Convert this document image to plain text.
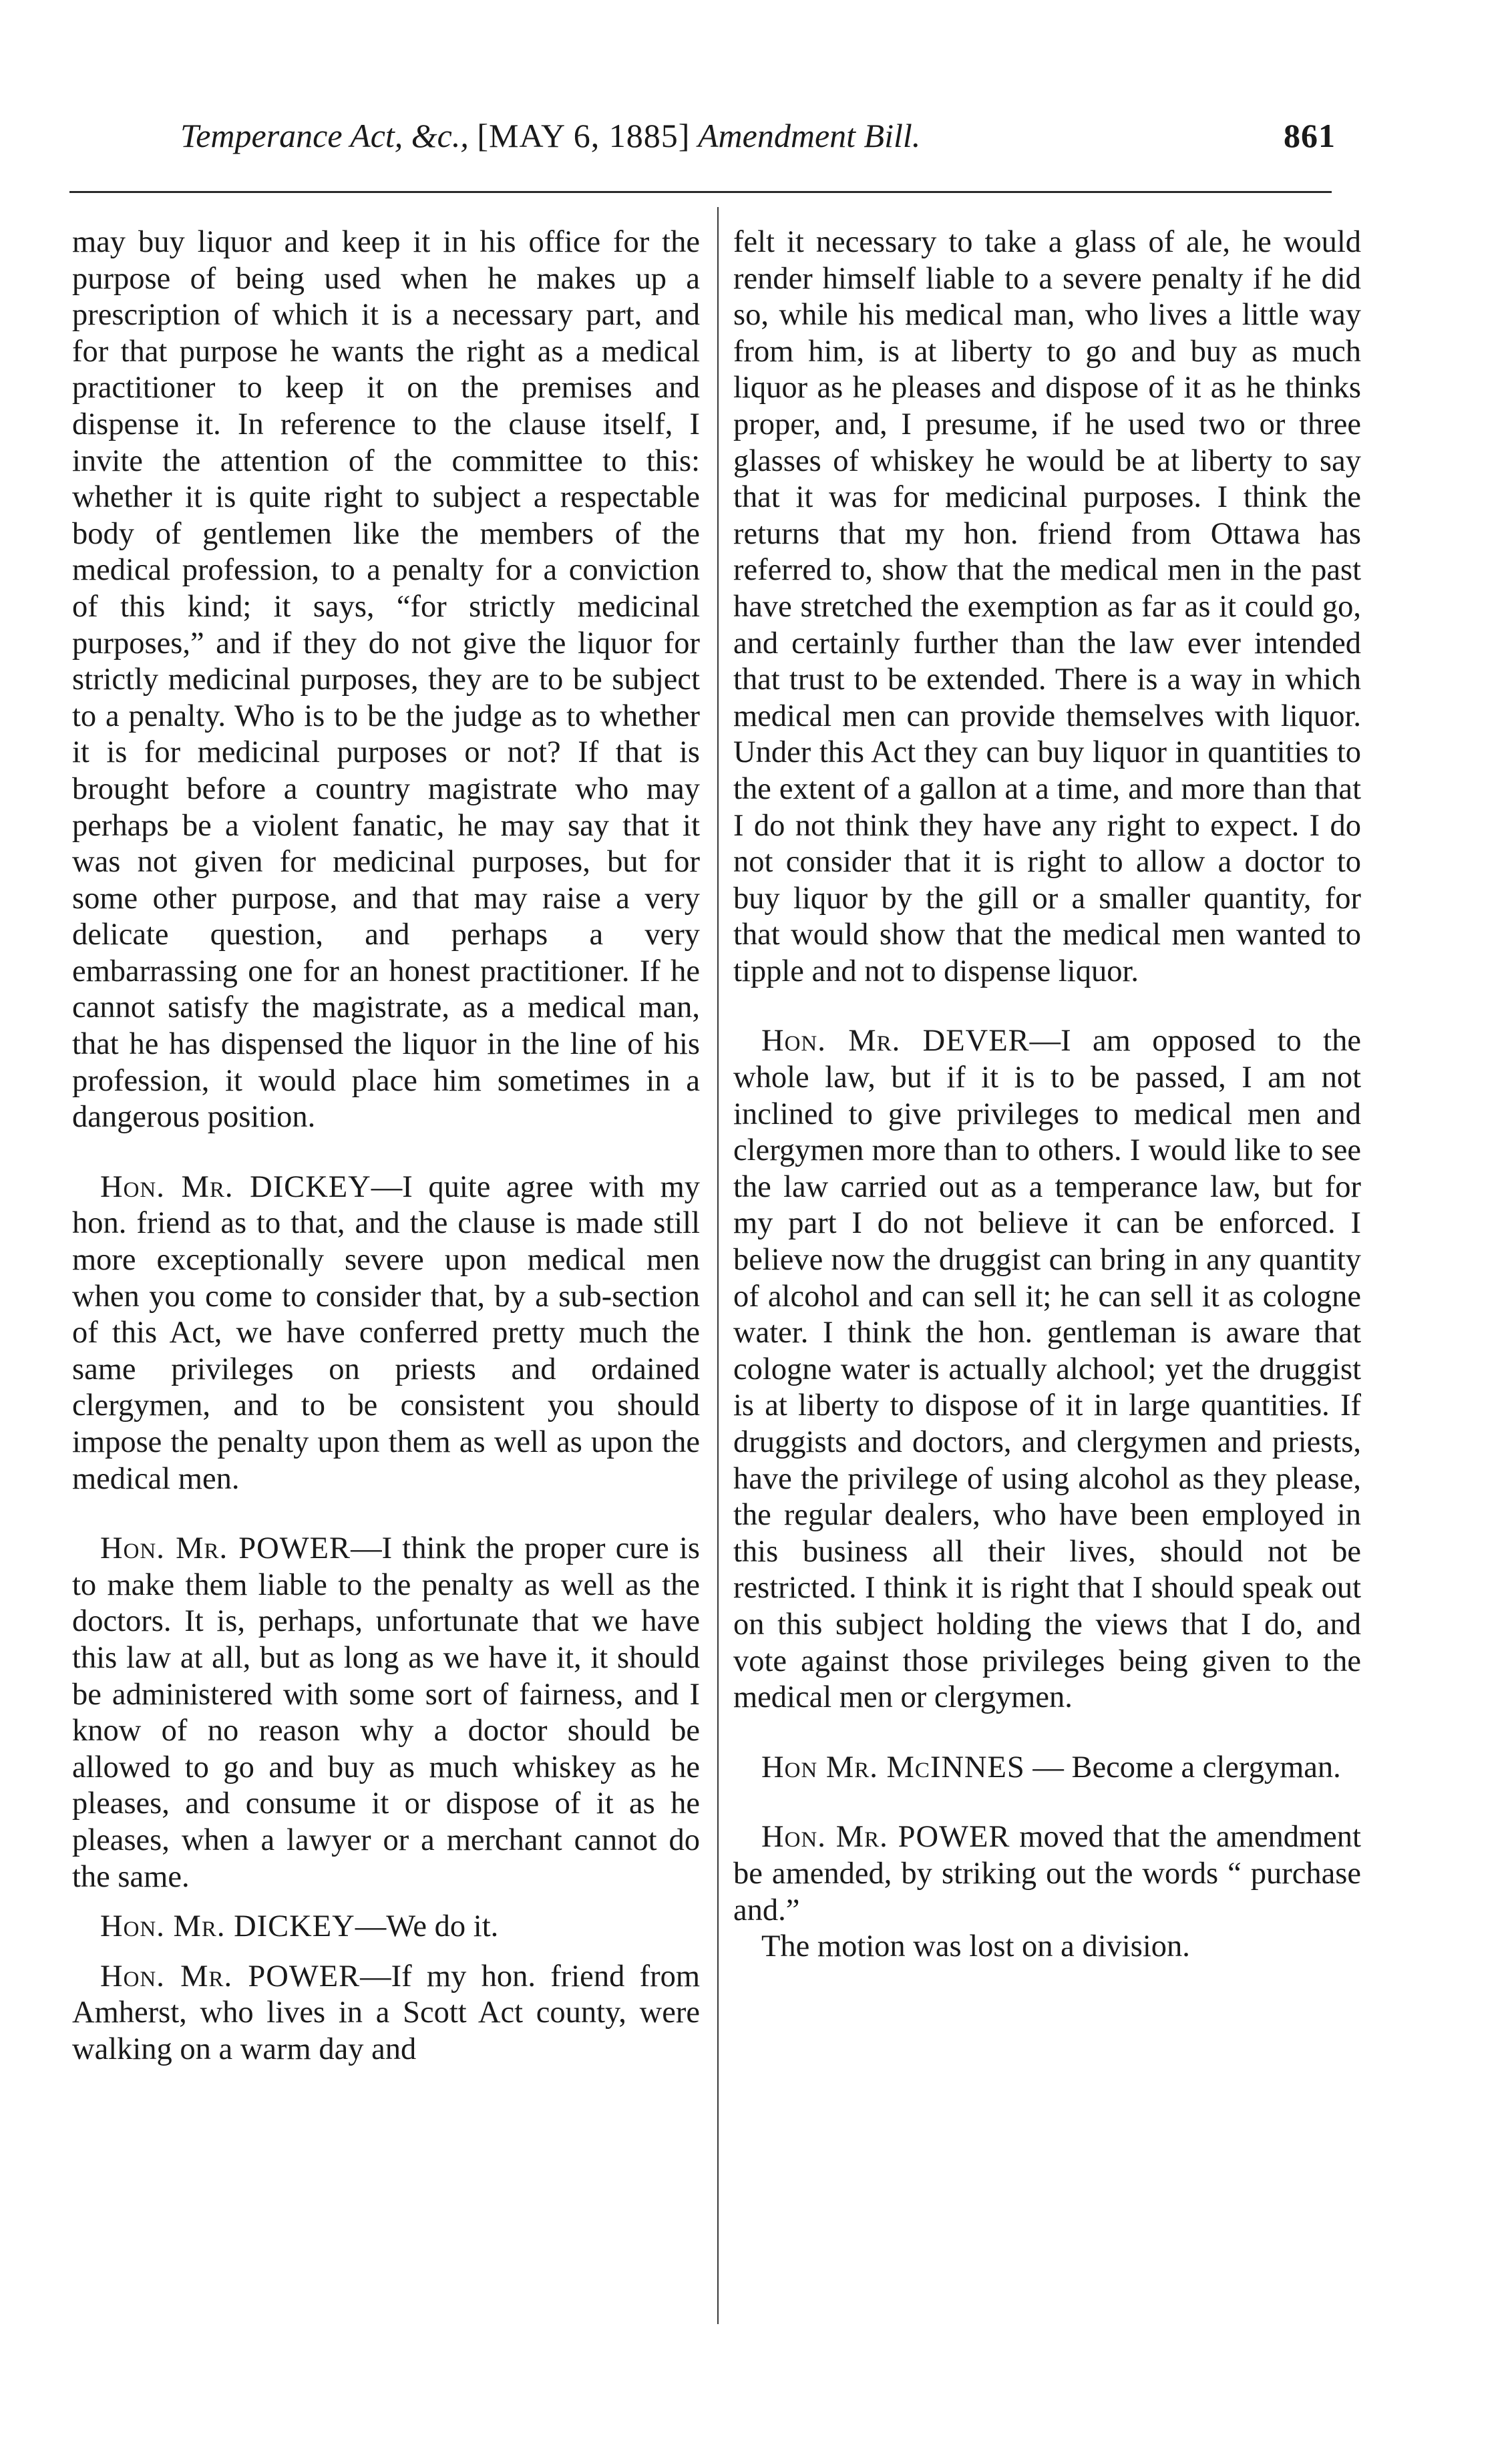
Temperance Act, &c., [MAY 6, 1885] Amendment Bill.	861

may buy liquor and keep it in his office for the purpose of being used when he makes up a prescription of which it is a necessary part, and for that purpose he wants the right as a medical practitioner to keep it on the premises and dispense it. In reference to the clause itself, I invite the attention of the committee to this: whether it is quite right to subject a respectable body of gentlemen like the members of the medical profession, to a penalty for a conviction of this kind; it says, “for strictly medicinal purposes,” and if they do not give the liquor for strictly medicinal purposes, they are to be subject to a penalty. Who is to be the judge as to whether it is for medicinal purposes or not? If that is brought before a country magistrate who may perhaps be a violent fanatic, he may say that it was not given for medicinal purposes, but for some other purpose, and that may raise a very delicate question, and perhaps a very embarrassing one for an honest practitioner. If he cannot satisfy the magistrate, as a medical man, that he has dispensed the liquor in the line of his profession, it would place him sometimes in a dangerous position.

Hon. Mr. DICKEY—I quite agree with my hon. friend as to that, and the clause is made still more exceptionally severe upon medical men when you come to consider that, by a sub-section of this Act, we have conferred pretty much the same privileges on priests and ordained clergymen, and to be consistent you should impose the penalty upon them as well as upon the medical men.

Hon. Mr. POWER—I think the proper cure is to make them liable to the penalty as well as the doctors. It is, perhaps, unfortunate that we have this law at all, but as long as we have it, it should be administered with some sort of fairness, and I know of no reason why a doctor should be allowed to go and buy as much whiskey as he pleases, and consume it or dispose of it as he pleases, when a lawyer or a merchant cannot do the same.

Hon. Mr. DICKEY—We do it.

Hon. Mr. POWER—If my hon. friend from Amherst, who lives in a Scott Act county, were walking on a warm day and

felt it necessary to take a glass of ale, he would render himself liable to a severe penalty if he did so, while his medical man, who lives a little way from him, is at liberty to go and buy as much liquor as he pleases and dispose of it as he thinks proper, and, I presume, if he used two or three glasses of whiskey he would be at liberty to say that it was for medicinal purposes. I think the returns that my hon. friend from Ottawa has referred to, show that the medical men in the past have stretched the exemption as far as it could go, and certainly further than the law ever intended that trust to be extended. There is a way in which medical men can provide themselves with liquor. Under this Act they can buy liquor in quantities to the extent of a gallon at a time, and more than that I do not think they have any right to expect. I do not consider that it is right to allow a doctor to buy liquor by the gill or a smaller quantity, for that would show that the medical men wanted to tipple and not to dispense liquor.

Hon. Mr. DEVER—I am opposed to the whole law, but if it is to be passed, I am not inclined to give privileges to medical men and clergymen more than to others. I would like to see the law carried out as a temperance law, but for my part I do not believe it can be enforced. I believe now the druggist can bring in any quantity of alcohol and can sell it; he can sell it as cologne water. I think the hon. gentleman is aware that cologne water is actually alchool; yet the druggist is at liberty to dispose of it in large quantities. If druggists and doctors, and clergymen and priests, have the privilege of using alcohol as they please, the regular dealers, who have been employed in this business all their lives, should not be restricted. I think it is right that I should speak out on this subject holding the views that I do, and vote against those privileges being given to the medical men or clergymen.

Hon Mr. McINNES — Become a clergyman.

Hon. Mr. POWER moved that the amendment be amended, by striking out the words “ purchase and.”

The motion was lost on a division.
